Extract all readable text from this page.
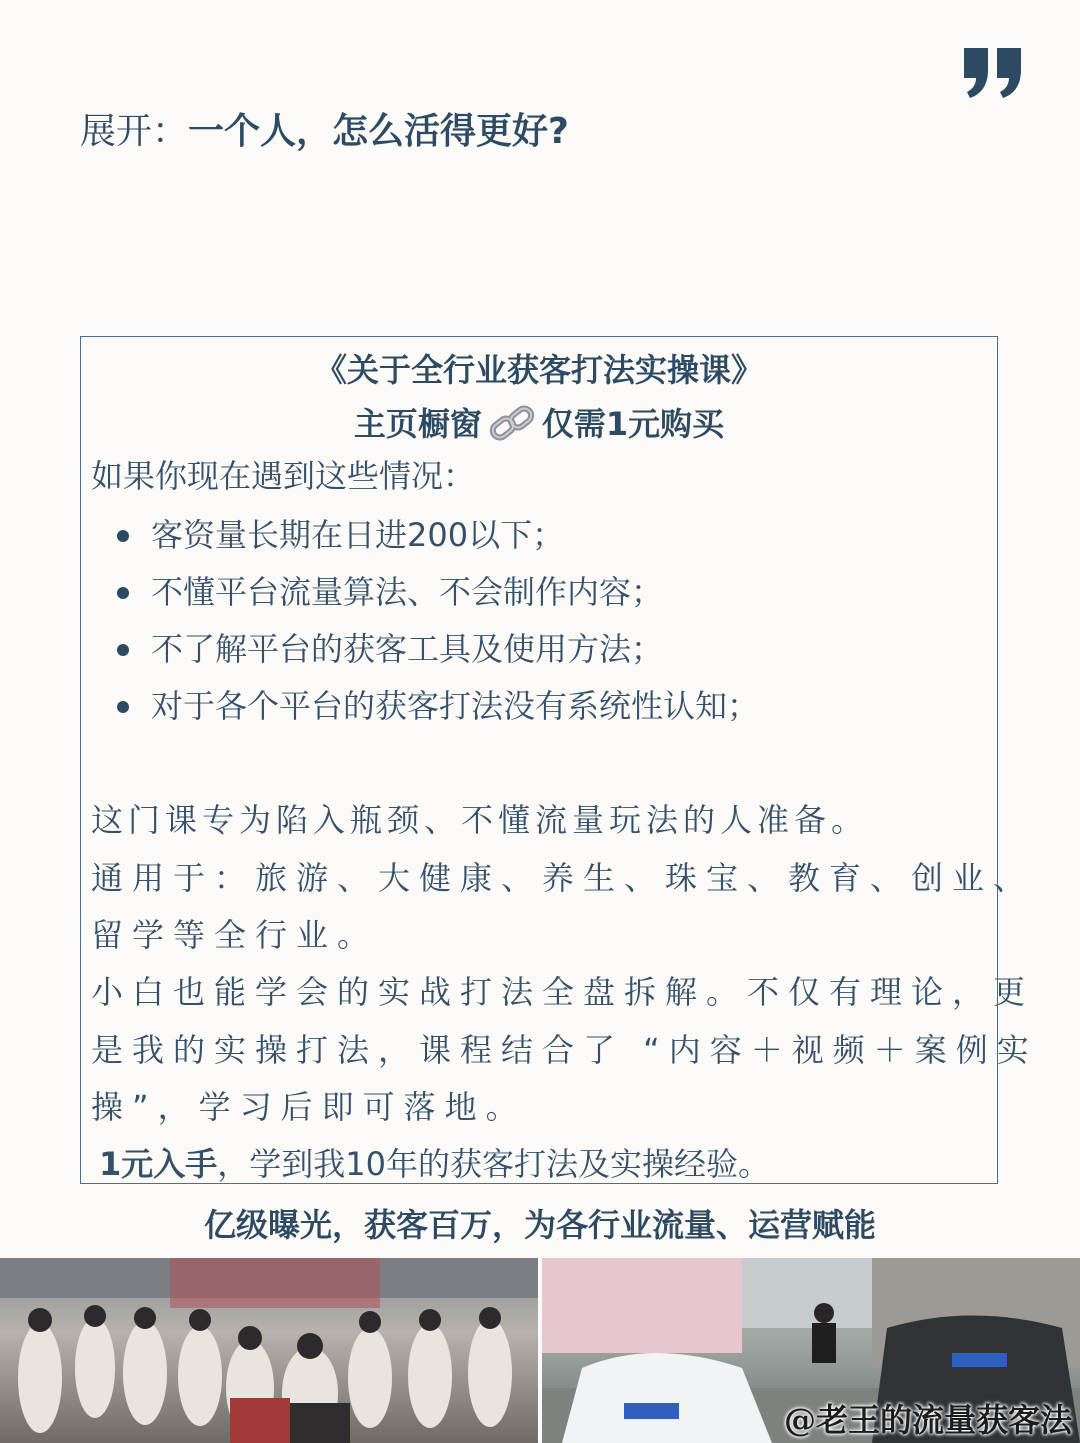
展开：一个人，怎么活得更好?
《关于全行业获客打法实操课》
主页橱窗 仅需1元购买
如果你现在遇到这些情况：
客资量长期在日进200以下；
不懂平台流量算法、不会制作内容；
不了解平台的获客工具及使用方法；
对于各个平台的获客打法没有系统性认知；
这门课专为陷入瓶颈、不懂流量玩法的人准备。
通用于：旅游、大健康、养生、珠宝、教育、创业、
留学等全行业。
小白也能学会的实战打法全盘拆解。不仅有理论，更
是我的实操打法，课程结合了 “内容＋视频＋案例实
操”，学习后即可落地。
1元入手，学到我10年的获客打法及实操经验。
亿级曝光，获客百万，为各行业流量、运营赋能
@老王的流量获客法
